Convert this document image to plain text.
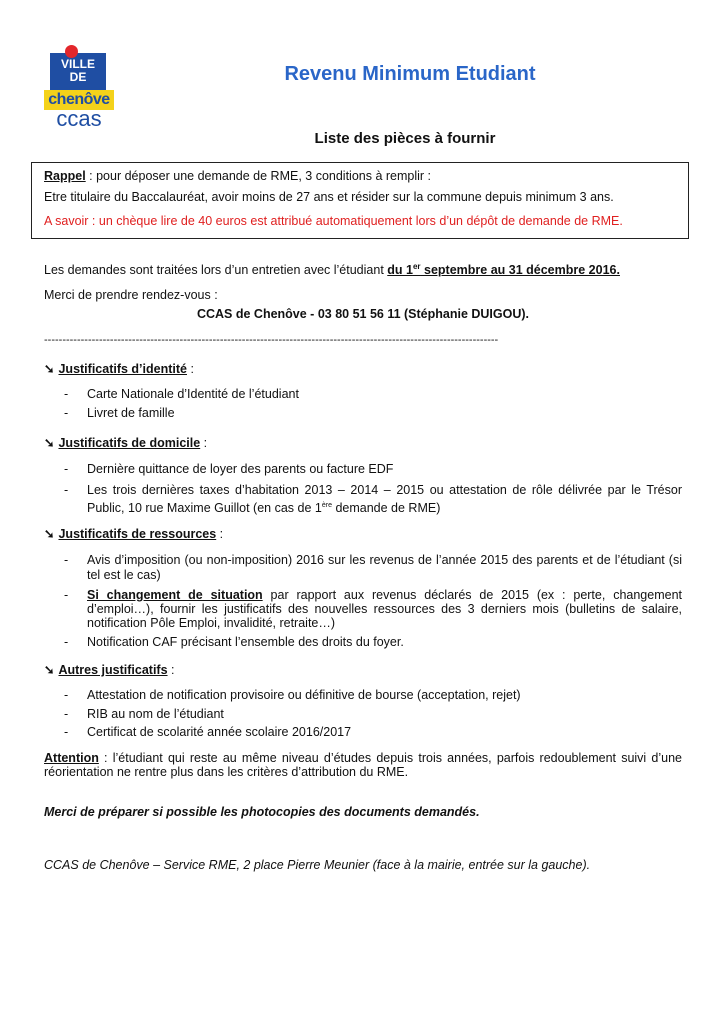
VILLE
DE
chenôve
ccas
Revenu Minimum Etudiant
Liste des pièces à fournir

Rappel : pour déposer une demande de RME, 3 conditions à remplir :

Etre titulaire du Baccalauréat, avoir moins de 27 ans et résider sur la commune depuis minimum 3 ans.

A savoir : un chèque lire de 40 euros est attribué automatiquement lors d’un dépôt de demande de RME.

Les demandes sont traitées lors d’un entretien avec l’étudiant du 1er septembre au 31 décembre 2016.
Merci de prendre rendez-vous :
CCAS de Chenôve - 03 80 51 56 11 (Stéphanie DUIGOU).
----------------------------------------------------------------------------------------------------------------------------
➘ Justificatifs d’identité :
- Carte Nationale d’Identité de l’étudiant
- Livret de famille
➘ Justificatifs de domicile :
- Dernière quittance de loyer des parents ou facture EDF
- Les trois dernières taxes d’habitation 2013 – 2014 – 2015 ou attestation de rôle délivrée par le Trésor Public, 10 rue Maxime Guillot (en cas de 1ère demande de RME)
➘ Justificatifs de ressources :
- Avis d’imposition (ou non-imposition) 2016 sur les revenus de l’année 2015 des parents et de l’étudiant (si tel est le cas)
- Si changement de situation par rapport aux revenus déclarés de 2015 (ex : perte, changement d’emploi…), fournir les justificatifs des nouvelles ressources des 3 derniers mois (bulletins de salaire, notification Pôle Emploi, invalidité, retraite…)
- Notification CAF précisant l’ensemble des droits du foyer.
➘ Autres justificatifs :
- Attestation de notification provisoire ou définitive de bourse (acceptation, rejet)
- RIB au nom de l’étudiant
- Certificat de scolarité année scolaire 2016/2017
Attention : l’étudiant qui reste au même niveau d’études depuis trois années, parfois redoublement suivi d’une réorientation ne rentre plus dans les critères d’attribution du RME.
Merci de préparer si possible les photocopies des documents demandés.
CCAS de Chenôve – Service RME, 2 place Pierre Meunier (face à la mairie, entrée sur la gauche).
